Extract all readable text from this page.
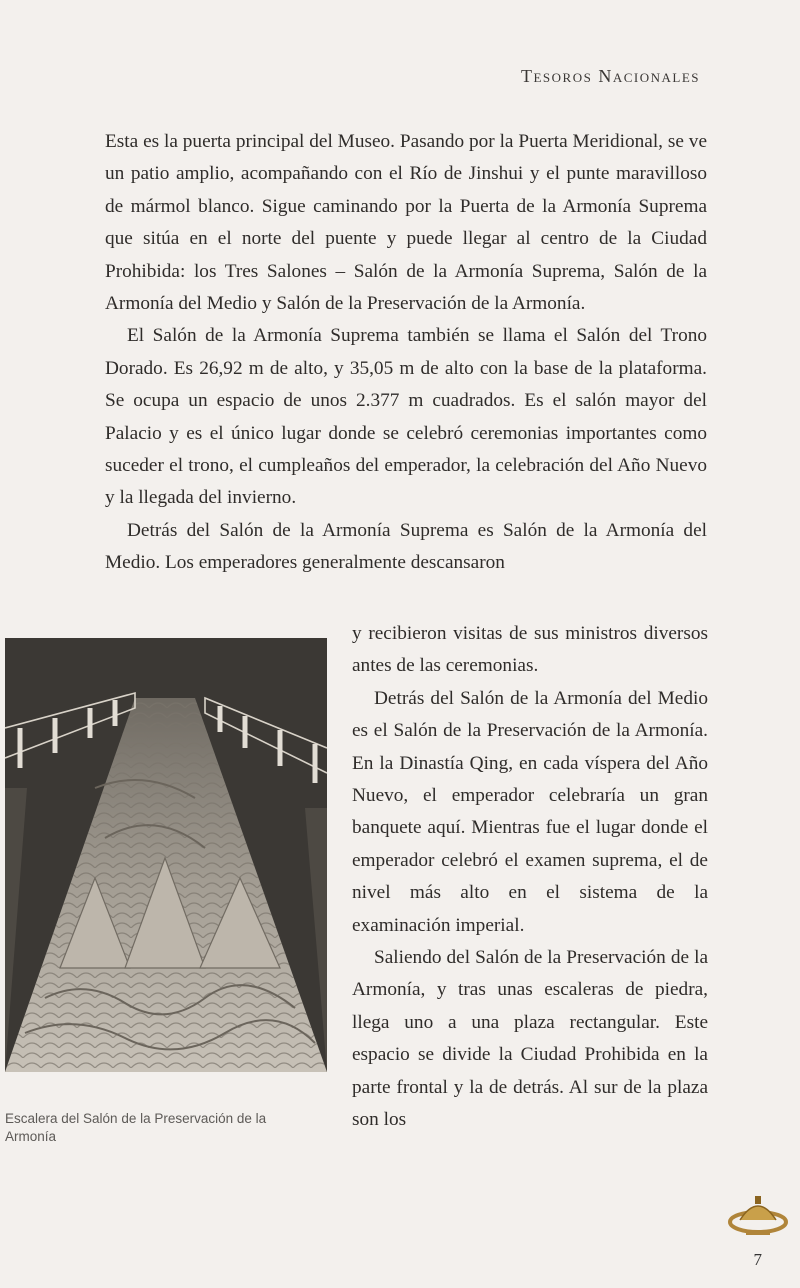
Tesoros Nacionales

Esta es la puerta principal del Museo. Pasando por la Puerta Meridional, se ve un patio amplio, acompañando con el Río de Jinshui y el punte maravilloso de mármol blanco. Sigue caminando por la Puerta de la Armonía Suprema que sitúa en el norte del puente y puede llegar al centro de la Ciudad Prohibida: los Tres Salones – Salón de la Armonía Suprema, Salón de la Armonía del Medio y Salón de la Preservación de la Armonía.

El Salón de la Armonía Suprema también se llama el Salón del Trono Dorado. Es 26,92 m de alto, y 35,05 m de alto con la base de la plataforma. Se ocupa un espacio de unos 2.377 m cuadrados. Es el salón mayor del Palacio y es el único lugar donde se celebró ceremonias importantes como suceder el trono, el cumpleaños del emperador, la celebración del Año Nuevo y la llegada del invierno.

Detrás del Salón de la Armonía Suprema es Salón de la Armonía del Medio. Los emperadores generalmente descansaron

Escalera del Salón de la Preservación de la Armonía

y recibieron visitas de sus ministros diversos antes de las ceremonias.

Detrás del Salón de la Armonía del Medio es el Salón de la Preservación de la Armonía. En la Dinastía Qing, en cada víspera del Año Nuevo, el emperador celebraría un gran banquete aquí. Mientras fue el lugar donde el emperador celebró el examen suprema, el de nivel más alto en el sistema de la examinación imperial.

Saliendo del Salón de la Preservación de la Armonía, y tras unas escaleras de piedra, llega uno a una plaza rectangular. Este espacio se divide la Ciudad Prohibida en la parte frontal y la de detrás. Al sur de la plaza son los

7
